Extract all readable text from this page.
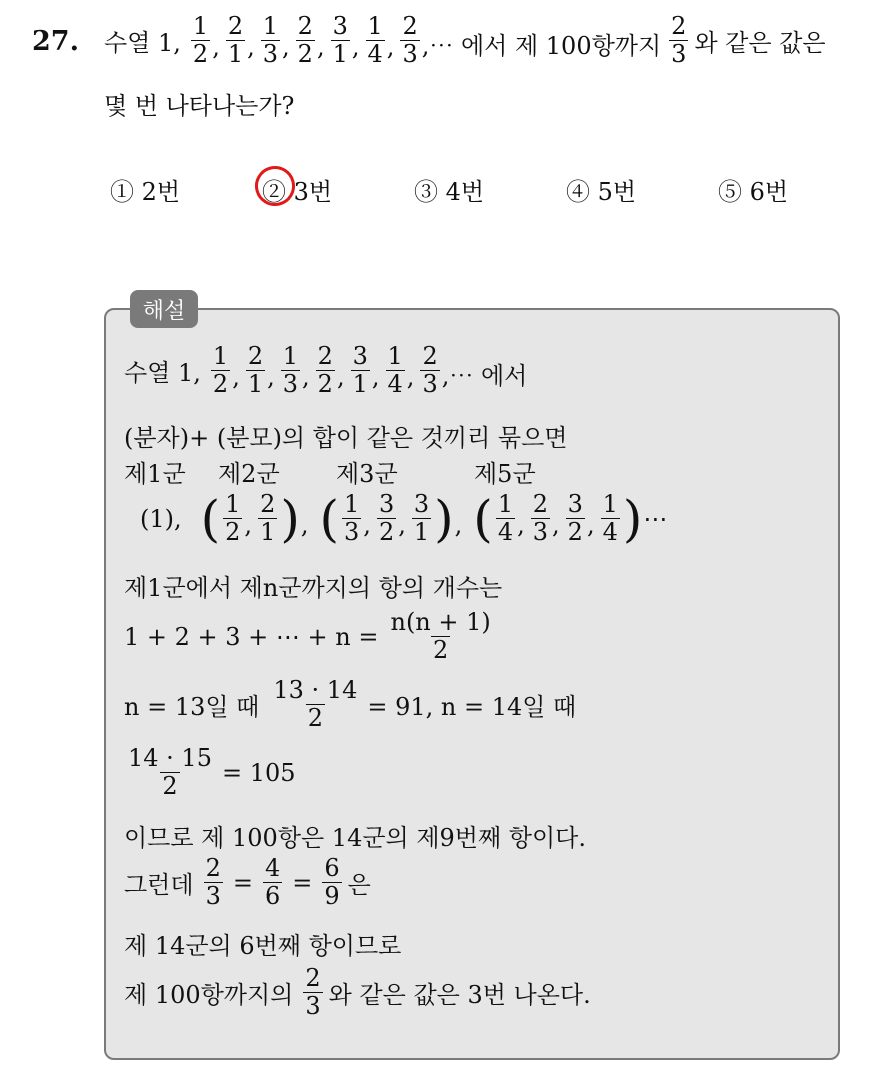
27. 수열 1, $\frac{1}{2}$ , $\frac{2}{1}$ , $\frac{1}{3}$ , $\frac{2}{2}$ , $\frac{3}{1}$ , $\frac{1}{4}$ , $\frac{2}{3}$ ,⋯ 에서 제 100항까지 $\frac{2}{3}$ 와 같은 값은
몇 번 나타나는가?
① 2번	② 3번	③ 4번	④ 5번	⑤ 6번
해설
수열 1, $\frac{1}{2}$ , $\frac{2}{1}$ , $\frac{1}{3}$ , $\frac{2}{2}$ , $\frac{3}{1}$ , $\frac{1}{4}$ , $\frac{2}{3}$ ,⋯ 에서
(분자)+ (분모)의 합이 같은 것끼리 묶으면
제1군 제2군 제3군	제5군
(1), ( $\frac{1}{2}$ , $\frac{2}{1}$ ) , ( $\frac{1}{3}$ , $\frac{3}{2}$ , $\frac{3}{1}$ ) , ( $\frac{1}{4}$ , $\frac{2}{3}$ , $\frac{3}{2}$ , $\frac{1}{4}$ ) ⋯
제1군에서 제n군까지의 항의 개수는
1 + 2 + 3 + ⋯ + $n = \frac{n(n + 1)}{2}$
n = 13일 때 $\frac{13 \cdot 14}{2} = 91$, n = 14일 때
$\frac{14 \cdot 15}{2} = 105$
이므로 제 100항은 14군의 제9번째 항이다.
그런데 $\frac{2}{3} = \frac{4}{6} = \frac{6}{9}$ 은
제 14군의 6번째 항이므로
제 100항까지의 $\frac{2}{3}$ 와 같은 값은 3번 나온다.
